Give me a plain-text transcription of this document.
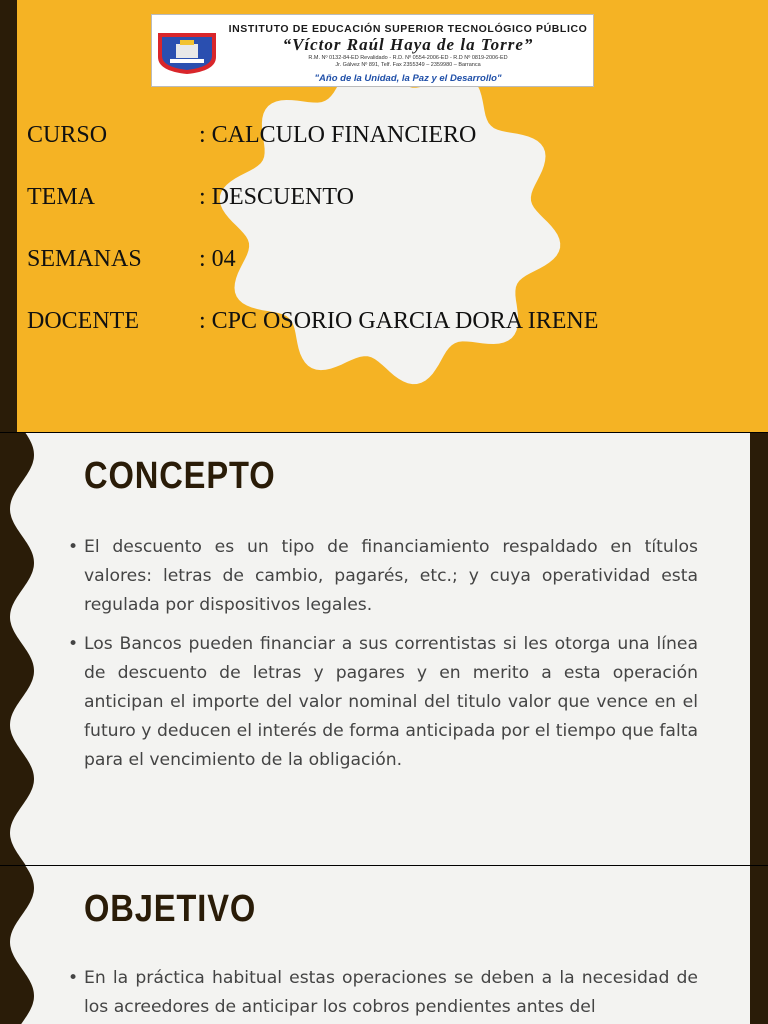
INSTITUTO DE EDUCACIÓN SUPERIOR TECNOLÓGICO PÚBLICO
“Víctor Raúl Haya de la Torre”
R.M. Nº 0132-84-ED Revalidado - R.D. Nº 0554-2006-ED - R.D Nº 0819-2006-ED
Jr. Gálvez Nº 891, Telf. Fax 2355349 – 2359980 – Barranca
"Año de la Unidad, la Paz y el Desarrollo"
CURSO	: CALCULO FINANCIERO
TEMA	: DESCUENTO
SEMANAS : 04
DOCENTE	: CPC OSORIO GARCIA DORA IRENE
CONCEPTO
• El descuento es un tipo de financiamiento respaldado en títulos valores: letras de cambio, pagarés, etc.; y cuya operatividad esta regulada por dispositivos legales.
• Los Bancos pueden financiar a sus correntistas si les otorga una línea de descuento de letras y pagares y en merito a esta operación anticipan el importe del valor nominal del titulo valor que vence en el futuro y deducen el interés de forma anticipada por el tiempo que falta para el vencimiento de la obligación.
OBJETIVO
• En la práctica habitual estas operaciones se deben a la necesidad de los acreedores de anticipar los cobros pendientes antes del
